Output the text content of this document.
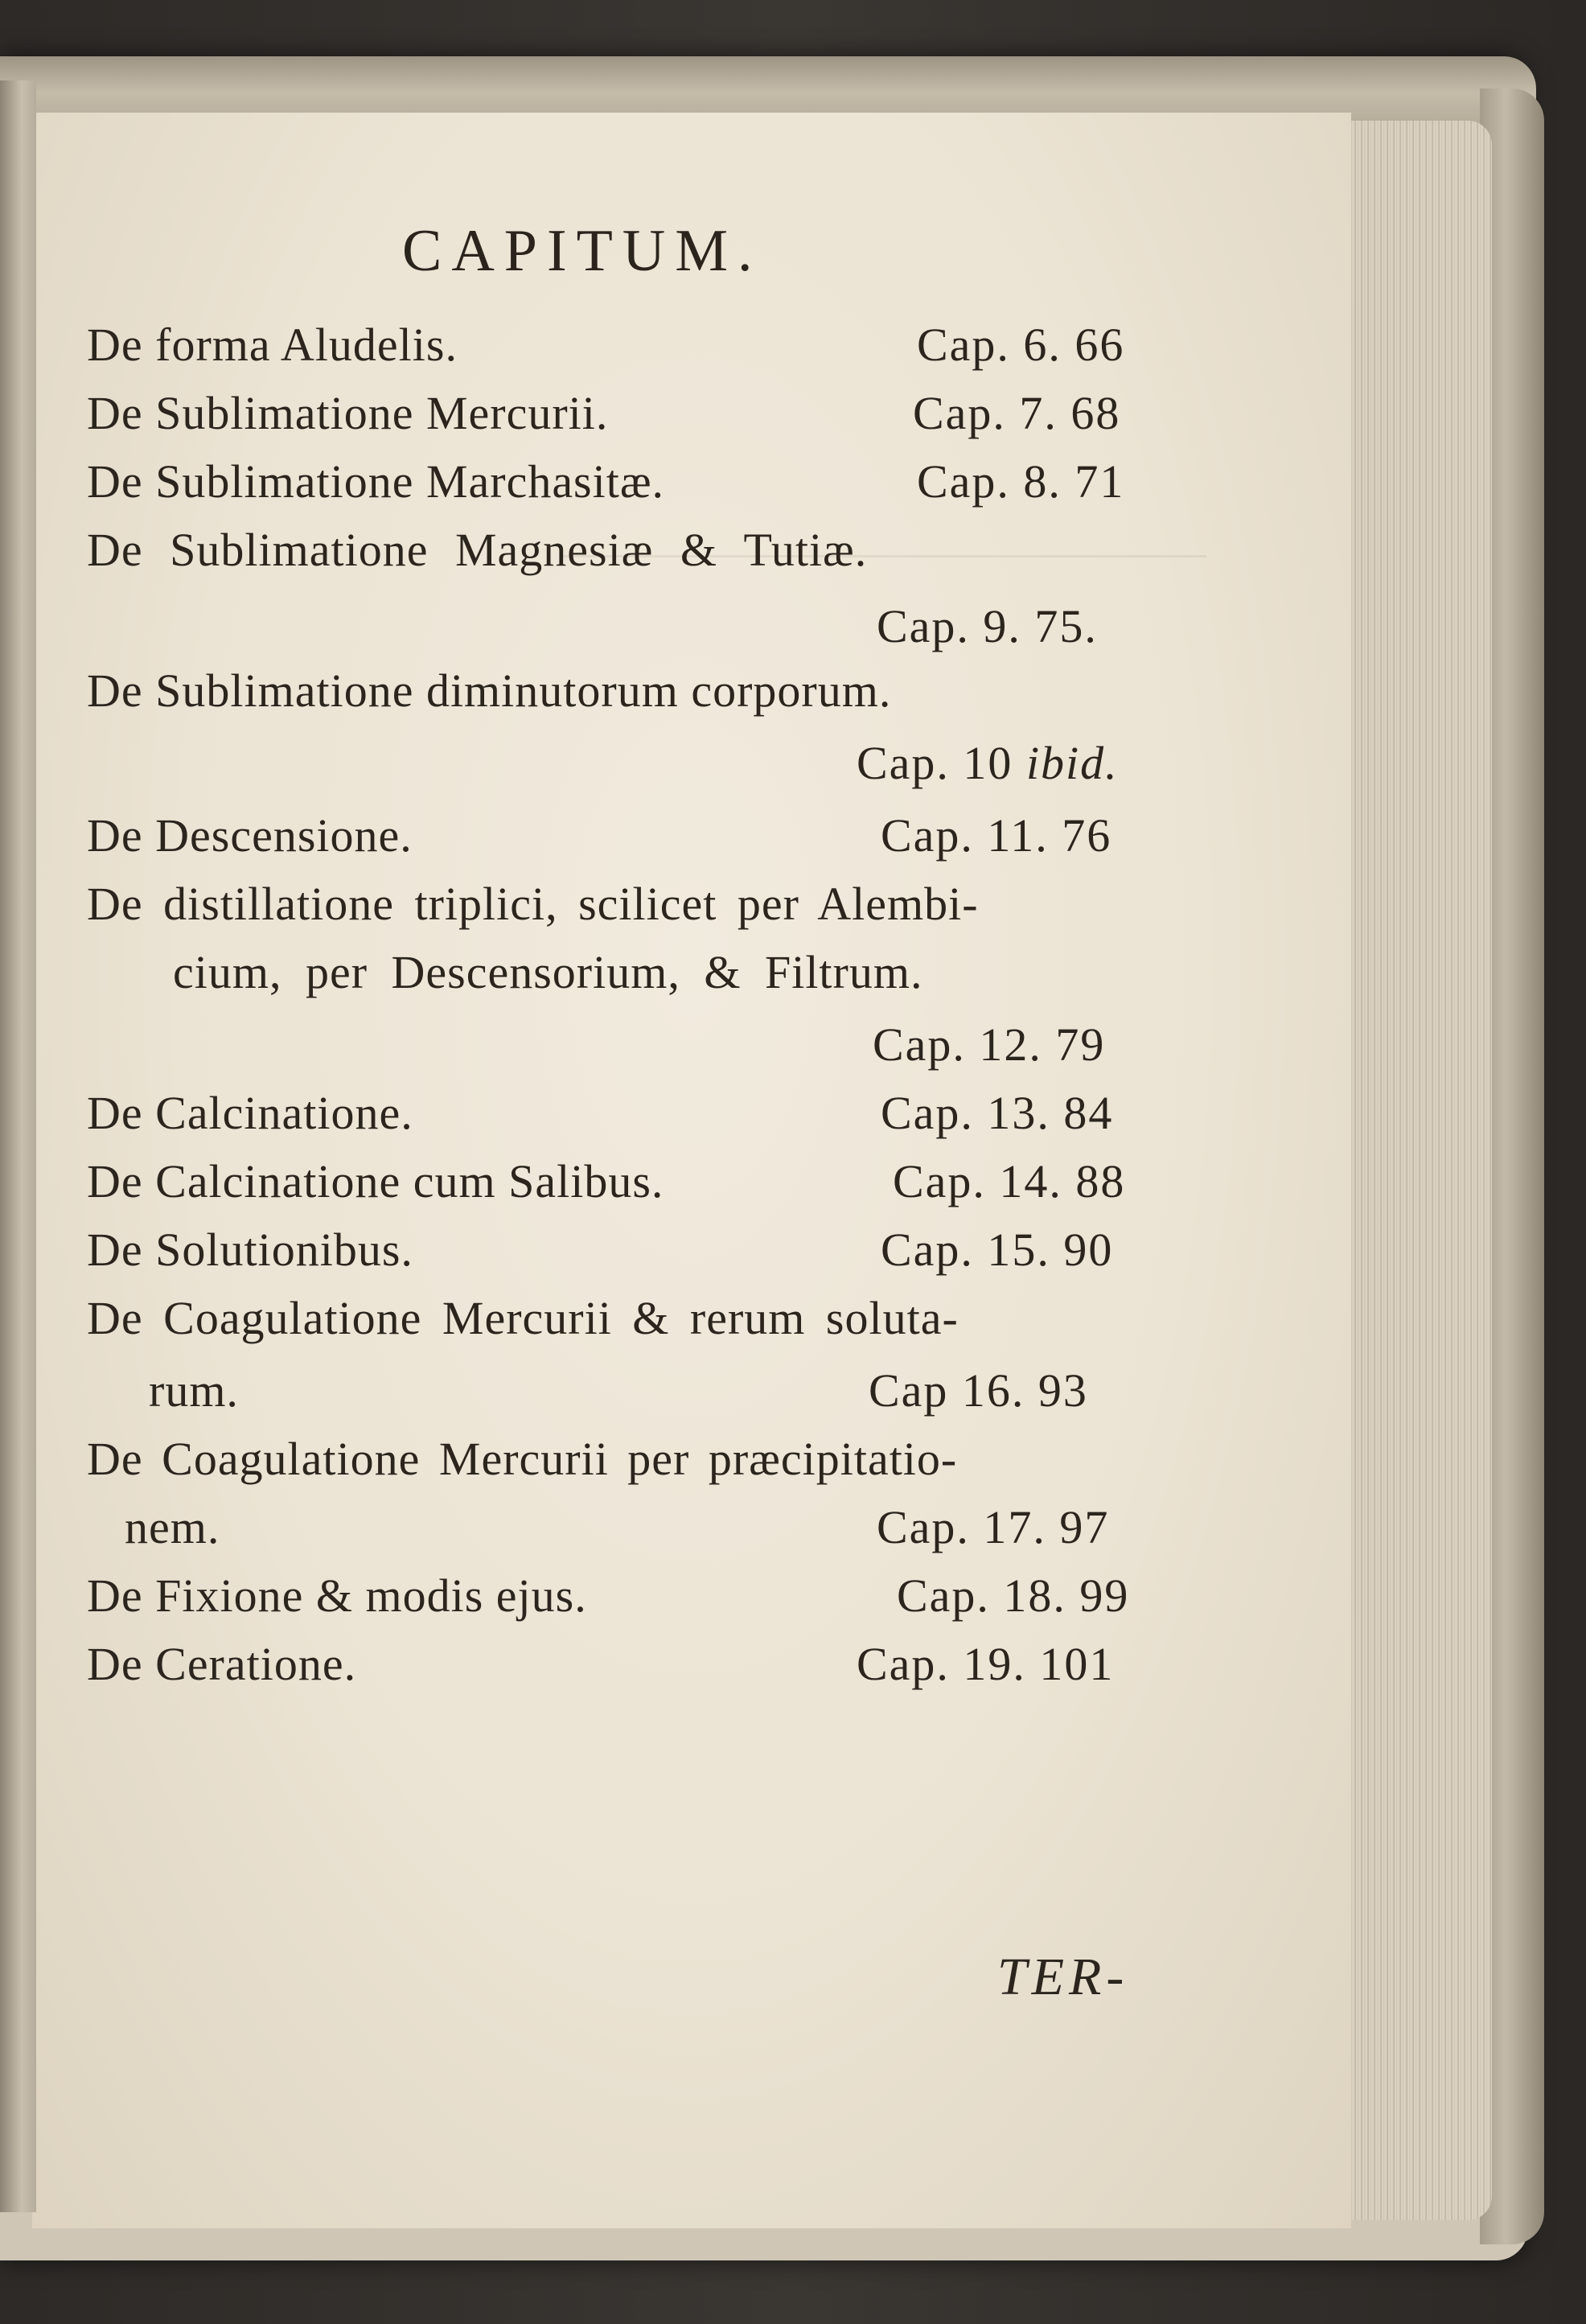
CAPITUM.
De forma Aludelis.	Cap. 6. 66
De Sublimatione Mercurii.	Cap. 7. 68
De Sublimatione Marchasitæ.	Cap. 8. 71
De Sublimatione Magnesiæ & Tutiæ.
Cap. 9. 75.
De Sublimatione diminutorum corporum.
Cap. 10 ibid.
De Descensione.	Cap. 11. 76
De distillatione triplici, scilicet per Alembi-
cium, per Descensorium, & Filtrum.
Cap. 12. 79
De Calcinatione.	Cap. 13. 84
De Calcinatione cum Salibus.	Cap. 14. 88
De Solutionibus.	Cap. 15. 90
De Coagulatione Mercurii & rerum soluta-
rum.	Cap 16. 93
De Coagulatione Mercurii per præcipitatio-
nem.	Cap. 17. 97
De Fixione & modis ejus.	Cap. 18. 99
De Ceratione.	Cap. 19. 101
TER-
